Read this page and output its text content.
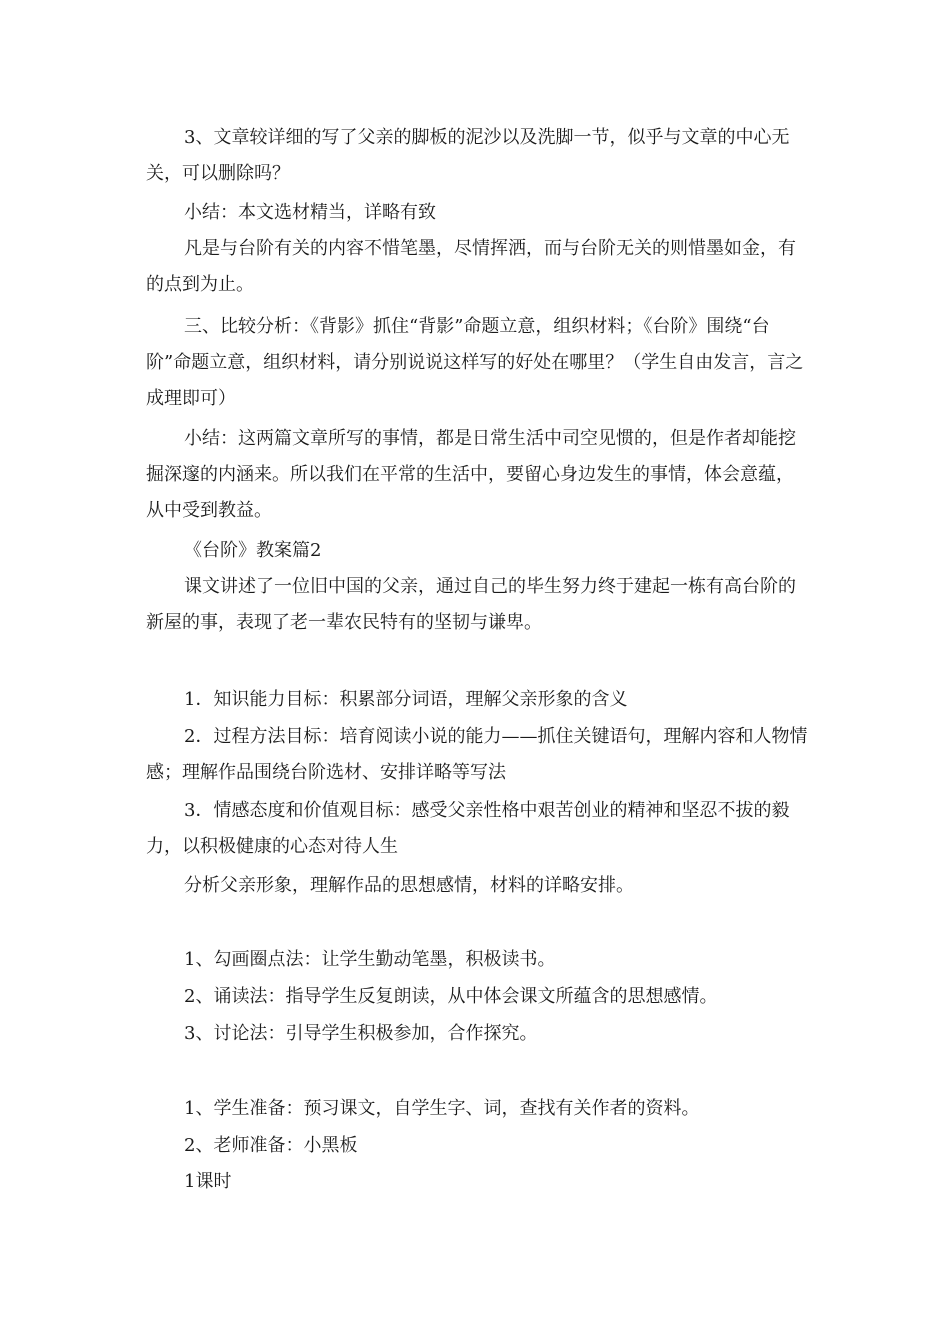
3、文章较详细的写了父亲的脚板的泥沙以及洗脚一节，似乎与文章的中心无关，可以删除吗？

小结：本文选材精当，详略有致

凡是与台阶有关的内容不惜笔墨，尽情挥洒，而与台阶无关的则惜墨如金，有的点到为止。

三、比较分析：《背影》抓住“背影”命题立意，组织材料；《台阶》围绕“台阶”命题立意，组织材料，请分别说说这样写的好处在哪里？（学生自由发言，言之成理即可）

小结：这两篇文章所写的事情，都是日常生活中司空见惯的，但是作者却能挖掘深邃的内涵来。所以我们在平常的生活中，要留心身边发生的事情，体会意蕴，从中受到教益。

《台阶》教案篇2

课文讲述了一位旧中国的父亲，通过自己的毕生努力终于建起一栋有高台阶的新屋的事，表现了老一辈农民特有的坚韧与谦卑。

1．知识能力目标：积累部分词语，理解父亲形象的含义

2．过程方法目标：培育阅读小说的能力——抓住关键语句，理解内容和人物情感；理解作品围绕台阶选材、安排详略等写法

3．情感态度和价值观目标：感受父亲性格中艰苦创业的精神和坚忍不拔的毅力，以积极健康的心态对待人生

分析父亲形象，理解作品的思想感情，材料的详略安排。

1、勾画圈点法：让学生勤动笔墨，积极读书。

2、诵读法：指导学生反复朗读，从中体会课文所蕴含的思想感情。

3、讨论法：引导学生积极参加，合作探究。

1、学生准备：预习课文，自学生字、词，查找有关作者的资料。

2、老师准备：小黑板

1课时
